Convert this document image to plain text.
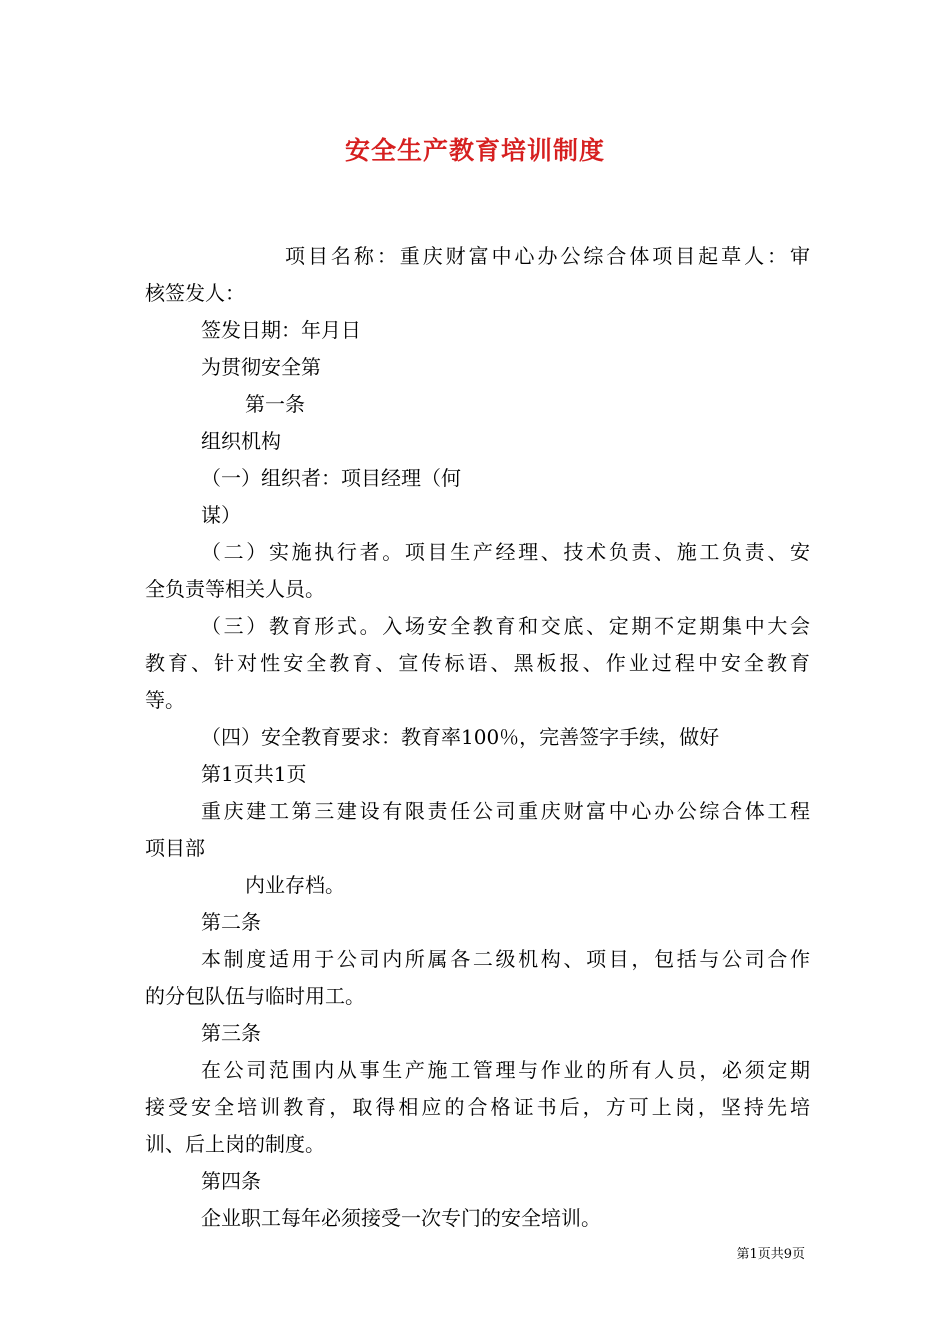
安全生产教育培训制度
项目名称：重庆财富中心办公综合体项目起草人：审
核签发人：
签发日期：年月日
为贯彻安全第
第一条
组织机构
（一）组织者：项目经理（何
谋）
（二）实施执行者。项目生产经理、技术负责、施工负责、安
全负责等相关人员。
（三）教育形式。入场安全教育和交底、定期不定期集中大会
教育、针对性安全教育、宣传标语、黑板报、作业过程中安全教育
等。
（四）安全教育要求：教育率100％，完善签字手续，做好
第1页共1页
重庆建工第三建设有限责任公司重庆财富中心办公综合体工程
项目部
内业存档。
第二条
本制度适用于公司内所属各二级机构、项目，包括与公司合作
的分包队伍与临时用工。
第三条
在公司范围内从事生产施工管理与作业的所有人员，必须定期
接受安全培训教育，取得相应的合格证书后，方可上岗，坚持先培
训、后上岗的制度。
第四条
企业职工每年必须接受一次专门的安全培训。
第1页共9页
